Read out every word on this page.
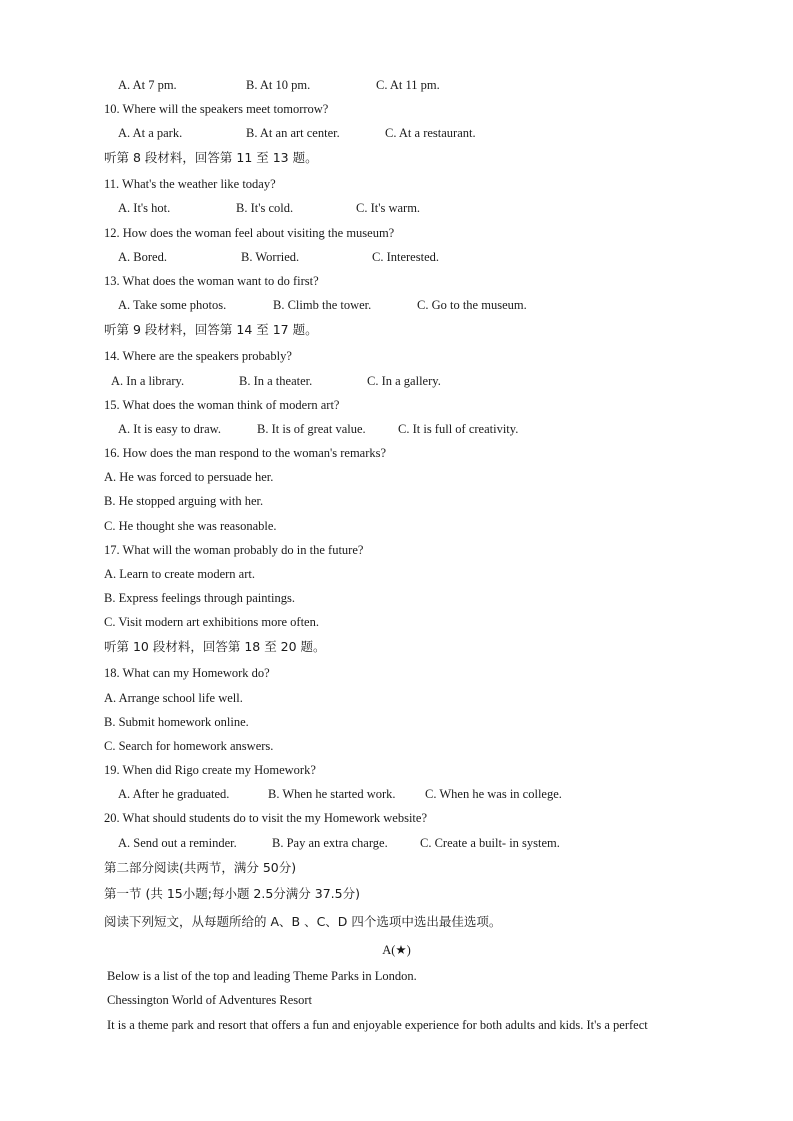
A. At 7 pm.	B. At 10 pm.	C. At 11 pm.
10. Where will the speakers meet tomorrow?
A. At a park.	B. At an art center.	C. At a restaurant.
听第 8 段材料，回答第 11 至 13 题。
11. What's the weather like today?
A. It's hot.	B. It's cold.	C. It's warm.
12. How does the woman feel about visiting the museum?
A. Bored.	B. Worried.	C. Interested.
13. What does the woman want to do first?
A. Take some photos.	B. Climb the tower.	C. Go to the museum.
听第 9 段材料，回答第 14 至 17 题。
14. Where are the speakers probably?
A. In a library.	B. In a theater.	C. In a gallery.
15. What does the woman think of modern art?
A. It is easy to draw.	B. It is of great value.	C. It is full of creativity.
16. How does the man respond to the woman's remarks?
A. He was forced to persuade her.
B. He stopped arguing with her.
C. He thought she was reasonable.
17. What will the woman probably do in the future?
A. Learn to create modern art.
B. Express feelings through paintings.
C. Visit modern art exhibitions more often.
听第 10 段材料，回答第 18 至 20 题。
18. What can my Homework do?
A. Arrange school life well.
B. Submit homework online.
C. Search for homework answers.
19. When did Rigo create my Homework?
A. After he graduated.	B. When he started work. C. When he was in college.
20. What should students do to visit the my Homework website?
A. Send out a reminder.	B. Pay an extra charge.	C. Create a built- in system.
第二部分阅读(共两节，满分 50分)
第一节 (共 15小题;每小题 2.5分满分 37.5分)
阅读下列短文，从每题所给的 A、B 、C、D 四个选项中选出最佳选项。
A(★)
Below is a list of the top and leading Theme Parks in London.
Chessington World of Adventures Resort
It is a theme park and resort that offers a fun and enjoyable experience for both adults and kids. It's a perfect
